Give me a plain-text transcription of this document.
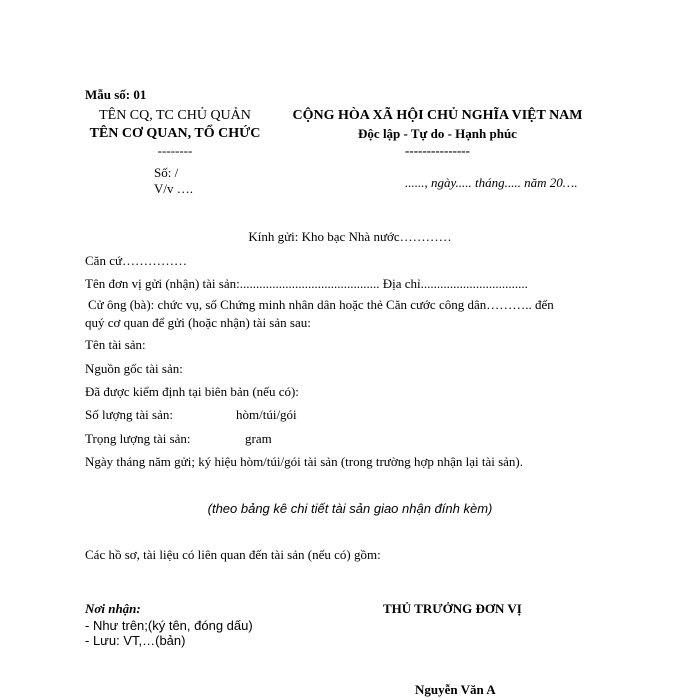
Mẫu số: 01
TÊN CQ, TC CHỦ QUẢN
TÊN CƠ QUAN, TỔ CHỨC
--------
CỘNG HÒA XÃ HỘI CHỦ NGHĨA VIỆT NAM
Độc lập - Tự do - Hạnh phúc
---------------
Số: /
V/v ….	......, ngày..... tháng..... năm 20….
Kính gửi: Kho bạc Nhà nước…………
Căn cứ……………
Tên đơn vị gửi (nhận) tài sản:........................................... Địa chỉ.................................
Cử ông (bà): chức vụ, số Chứng minh nhân dân hoặc thẻ Căn cước công dân……….. đến
quý cơ quan để gửi (hoặc nhận) tài sản sau:
Tên tài sản:
Nguồn gốc tài sản:
Đã được kiểm định tại biên bản (nếu có):
Số lượng tài sản:	hòm/túi/gói
Trọng lượng tài sản:	gram
Ngày tháng năm gửi; ký hiệu hòm/túi/gói tài sản (trong trường hợp nhận lại tài sản).
(theo bảng kê chi tiết tài sản giao nhận đính kèm)
Các hồ sơ, tài liệu có liên quan đến tài sản (nếu có) gồm:
Nơi nhận:
- Như trên;(ký tên, đóng dấu)
- Lưu: VT,…(bản)
THỦ TRƯỞNG ĐƠN VỊ
Nguyễn Văn A
